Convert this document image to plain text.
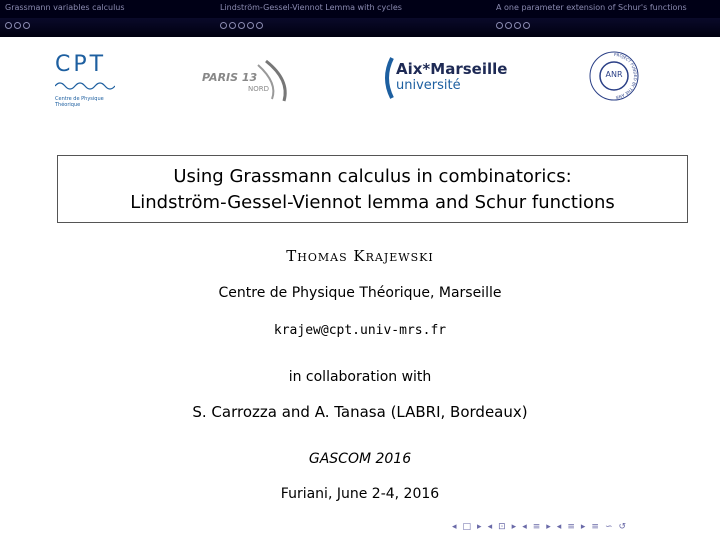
Grassmann variables calculus	Lindström-Gessel-Viennot Lemma with cycles	A one parameter extension of Schur's functions
CPT
Centre de Physique Théorique
PARIS 13
NORD
Aix*Marseille
université
PROJECT FUNDED BY THE ANR
ANR
Using Grassmann calculus in combinatorics:
Lindström-Gessel-Viennot lemma and Schur functions
Thomas Krajewski
Centre de Physique Théorique, Marseille
krajew@cpt.univ-mrs.fr
in collaboration with
S. Carrozza and A. Tanasa (LABRI, Bordeaux)
GASCOM 2016
Furiani, June 2-4, 2016
◂ □ ▸ ◂ ⊡ ▸ ◂ ≡ ▸ ◂ ≡ ▸ ≡ ∽ ↺
